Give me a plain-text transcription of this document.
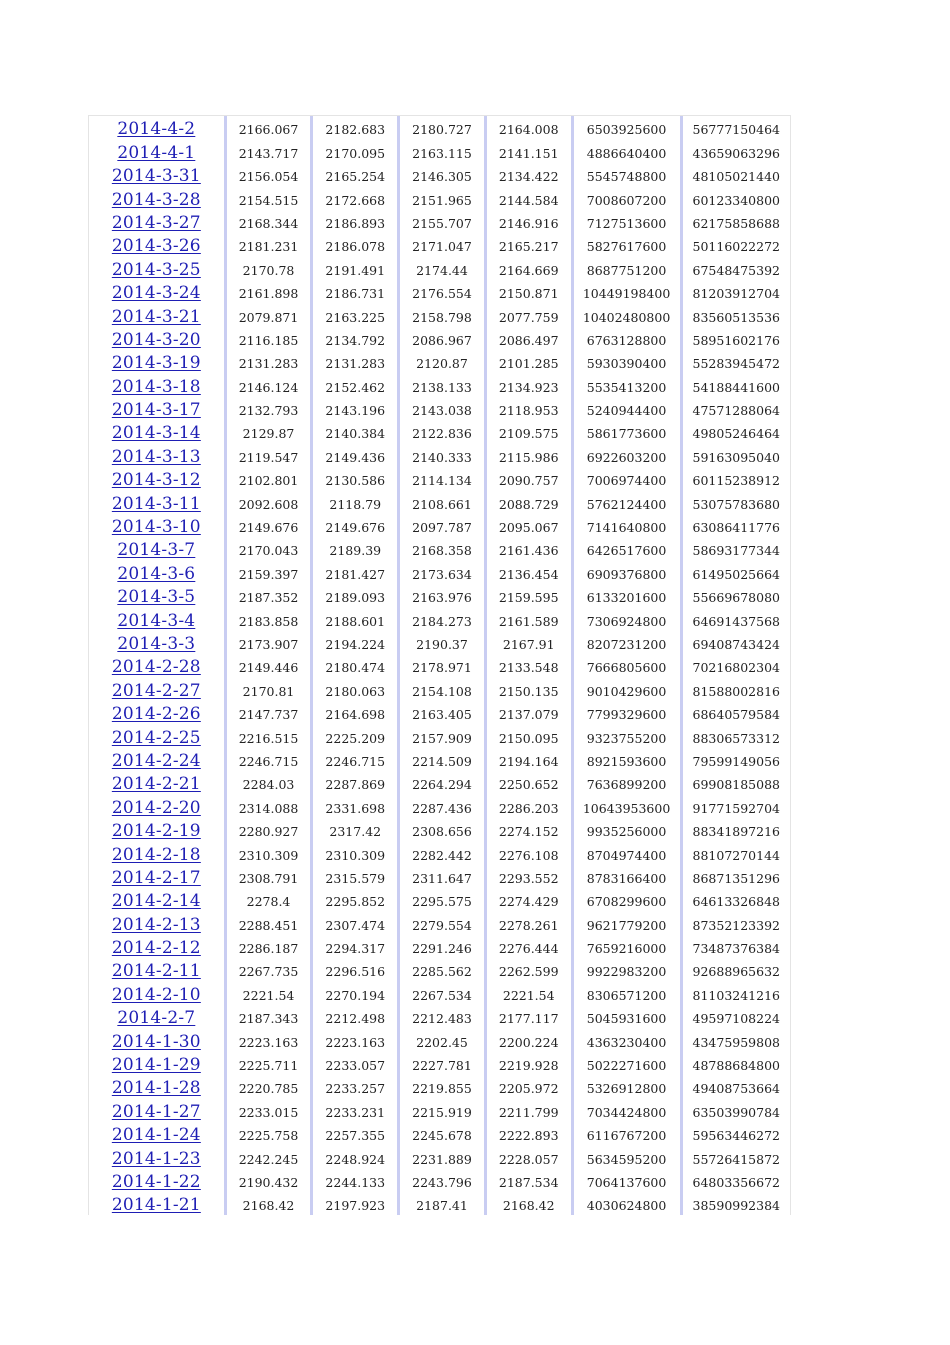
2014-4-2	2166.067	2182.683	2180.727	2164.008	6503925600	56777150464
2014-4-1	2143.717	2170.095	2163.115	2141.151	4886640400	43659063296
2014-3-31	2156.054	2165.254	2146.305	2134.422	5545748800	48105021440
2014-3-28	2154.515	2172.668	2151.965	2144.584	7008607200	60123340800
2014-3-27	2168.344	2186.893	2155.707	2146.916	7127513600	62175858688
2014-3-26	2181.231	2186.078	2171.047	2165.217	5827617600	50116022272
2014-3-25	2170.78	2191.491	2174.44	2164.669	8687751200	67548475392
2014-3-24	2161.898	2186.731	2176.554	2150.871	10449198400	81203912704
2014-3-21	2079.871	2163.225	2158.798	2077.759	10402480800	83560513536
2014-3-20	2116.185	2134.792	2086.967	2086.497	6763128800	58951602176
2014-3-19	2131.283	2131.283	2120.87	2101.285	5930390400	55283945472
2014-3-18	2146.124	2152.462	2138.133	2134.923	5535413200	54188441600
2014-3-17	2132.793	2143.196	2143.038	2118.953	5240944400	47571288064
2014-3-14	2129.87	2140.384	2122.836	2109.575	5861773600	49805246464
2014-3-13	2119.547	2149.436	2140.333	2115.986	6922603200	59163095040
2014-3-12	2102.801	2130.586	2114.134	2090.757	7006974400	60115238912
2014-3-11	2092.608	2118.79	2108.661	2088.729	5762124400	53075783680
2014-3-10	2149.676	2149.676	2097.787	2095.067	7141640800	63086411776
2014-3-7	2170.043	2189.39	2168.358	2161.436	6426517600	58693177344
2014-3-6	2159.397	2181.427	2173.634	2136.454	6909376800	61495025664
2014-3-5	2187.352	2189.093	2163.976	2159.595	6133201600	55669678080
2014-3-4	2183.858	2188.601	2184.273	2161.589	7306924800	64691437568
2014-3-3	2173.907	2194.224	2190.37	2167.91	8207231200	69408743424
2014-2-28	2149.446	2180.474	2178.971	2133.548	7666805600	70216802304
2014-2-27	2170.81	2180.063	2154.108	2150.135	9010429600	81588002816
2014-2-26	2147.737	2164.698	2163.405	2137.079	7799329600	68640579584
2014-2-25	2216.515	2225.209	2157.909	2150.095	9323755200	88306573312
2014-2-24	2246.715	2246.715	2214.509	2194.164	8921593600	79599149056
2014-2-21	2284.03	2287.869	2264.294	2250.652	7636899200	69908185088
2014-2-20	2314.088	2331.698	2287.436	2286.203	10643953600	91771592704
2014-2-19	2280.927	2317.42	2308.656	2274.152	9935256000	88341897216
2014-2-18	2310.309	2310.309	2282.442	2276.108	8704974400	88107270144
2014-2-17	2308.791	2315.579	2311.647	2293.552	8783166400	86871351296
2014-2-14	2278.4	2295.852	2295.575	2274.429	6708299600	64613326848
2014-2-13	2288.451	2307.474	2279.554	2278.261	9621779200	87352123392
2014-2-12	2286.187	2294.317	2291.246	2276.444	7659216000	73487376384
2014-2-11	2267.735	2296.516	2285.562	2262.599	9922983200	92688965632
2014-2-10	2221.54	2270.194	2267.534	2221.54	8306571200	81103241216
2014-2-7	2187.343	2212.498	2212.483	2177.117	5045931600	49597108224
2014-1-30	2223.163	2223.163	2202.45	2200.224	4363230400	43475959808
2014-1-29	2225.711	2233.057	2227.781	2219.928	5022271600	48788684800
2014-1-28	2220.785	2233.257	2219.855	2205.972	5326912800	49408753664
2014-1-27	2233.015	2233.231	2215.919	2211.799	7034424800	63503990784
2014-1-24	2225.758	2257.355	2245.678	2222.893	6116767200	59563446272
2014-1-23	2242.245	2248.924	2231.889	2228.057	5634595200	55726415872
2014-1-22	2190.432	2244.133	2243.796	2187.534	7064137600	64803356672
2014-1-21	2168.42	2197.923	2187.41	2168.42	4030624800	38590992384
